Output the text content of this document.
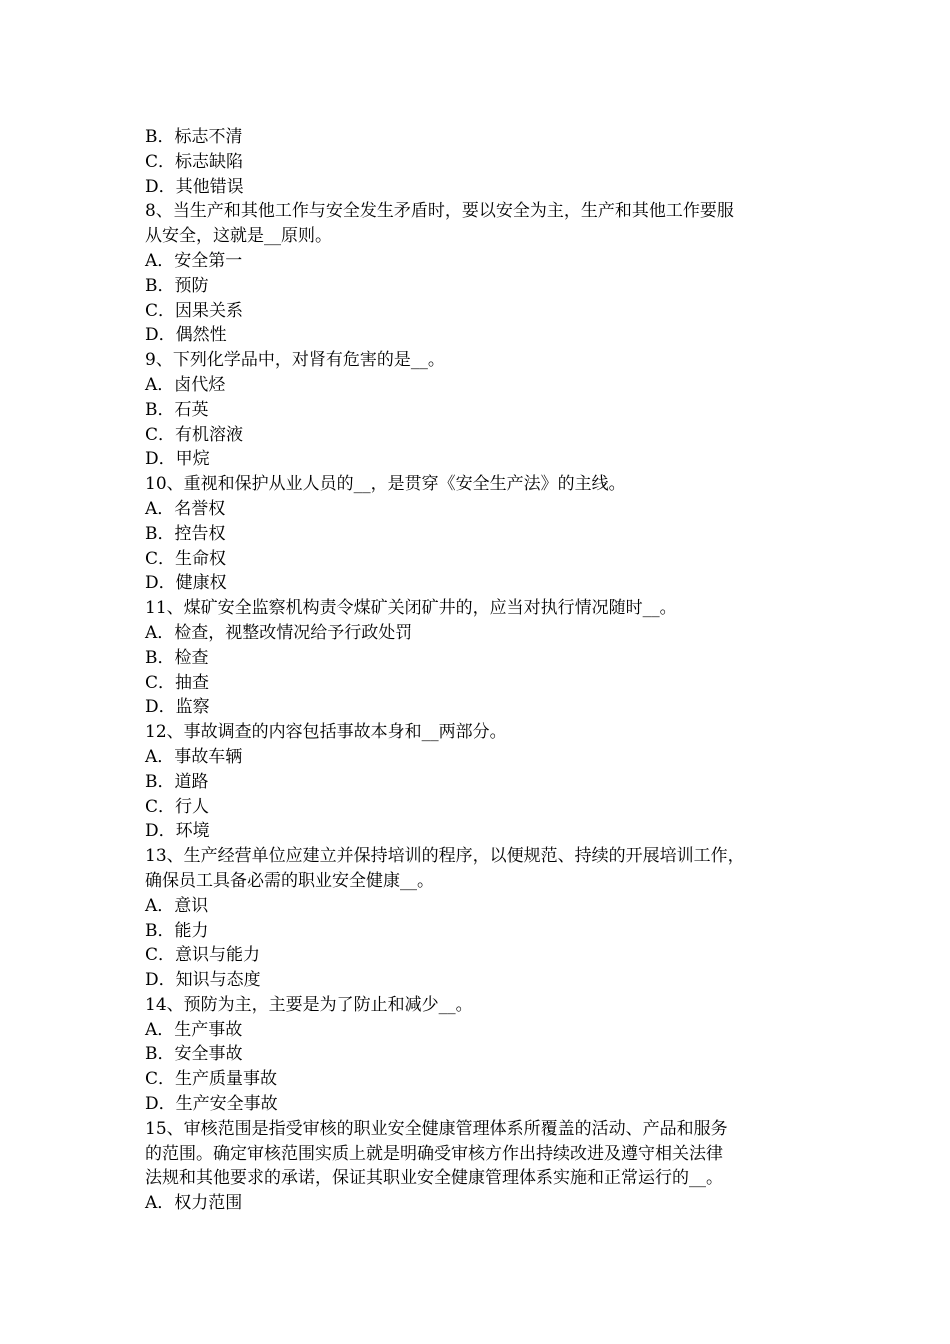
B．标志不清
C．标志缺陷
D．其他错误
8、当生产和其他工作与安全发生矛盾时，要以安全为主，生产和其他工作要服
从安全，这就是__原则。
A．安全第一
B．预防
C．因果关系
D．偶然性
9、下列化学品中，对肾有危害的是__。
A．卤代烃
B．石英
C．有机溶液
D．甲烷
10、重视和保护从业人员的__，是贯穿《安全生产法》的主线。
A．名誉权
B．控告权
C．生命权
D．健康权
11、煤矿安全监察机构责令煤矿关闭矿井的，应当对执行情况随时__。
A．检查，视整改情况给予行政处罚
B．检查
C．抽查
D．监察
12、事故调查的内容包括事故本身和__两部分。
A．事故车辆
B．道路
C．行人
D．环境
13、生产经营单位应建立并保持培训的程序，以便规范、持续的开展培训工作，
确保员工具备必需的职业安全健康__。
A．意识
B．能力
C．意识与能力
D．知识与态度
14、预防为主，主要是为了防止和减少__。
A．生产事故
B．安全事故
C．生产质量事故
D．生产安全事故
15、审核范围是指受审核的职业安全健康管理体系所覆盖的活动、产品和服务
的范围。确定审核范围实质上就是明确受审核方作出持续改进及遵守相关法律
法规和其他要求的承诺，保证其职业安全健康管理体系实施和正常运行的__。
A．权力范围
